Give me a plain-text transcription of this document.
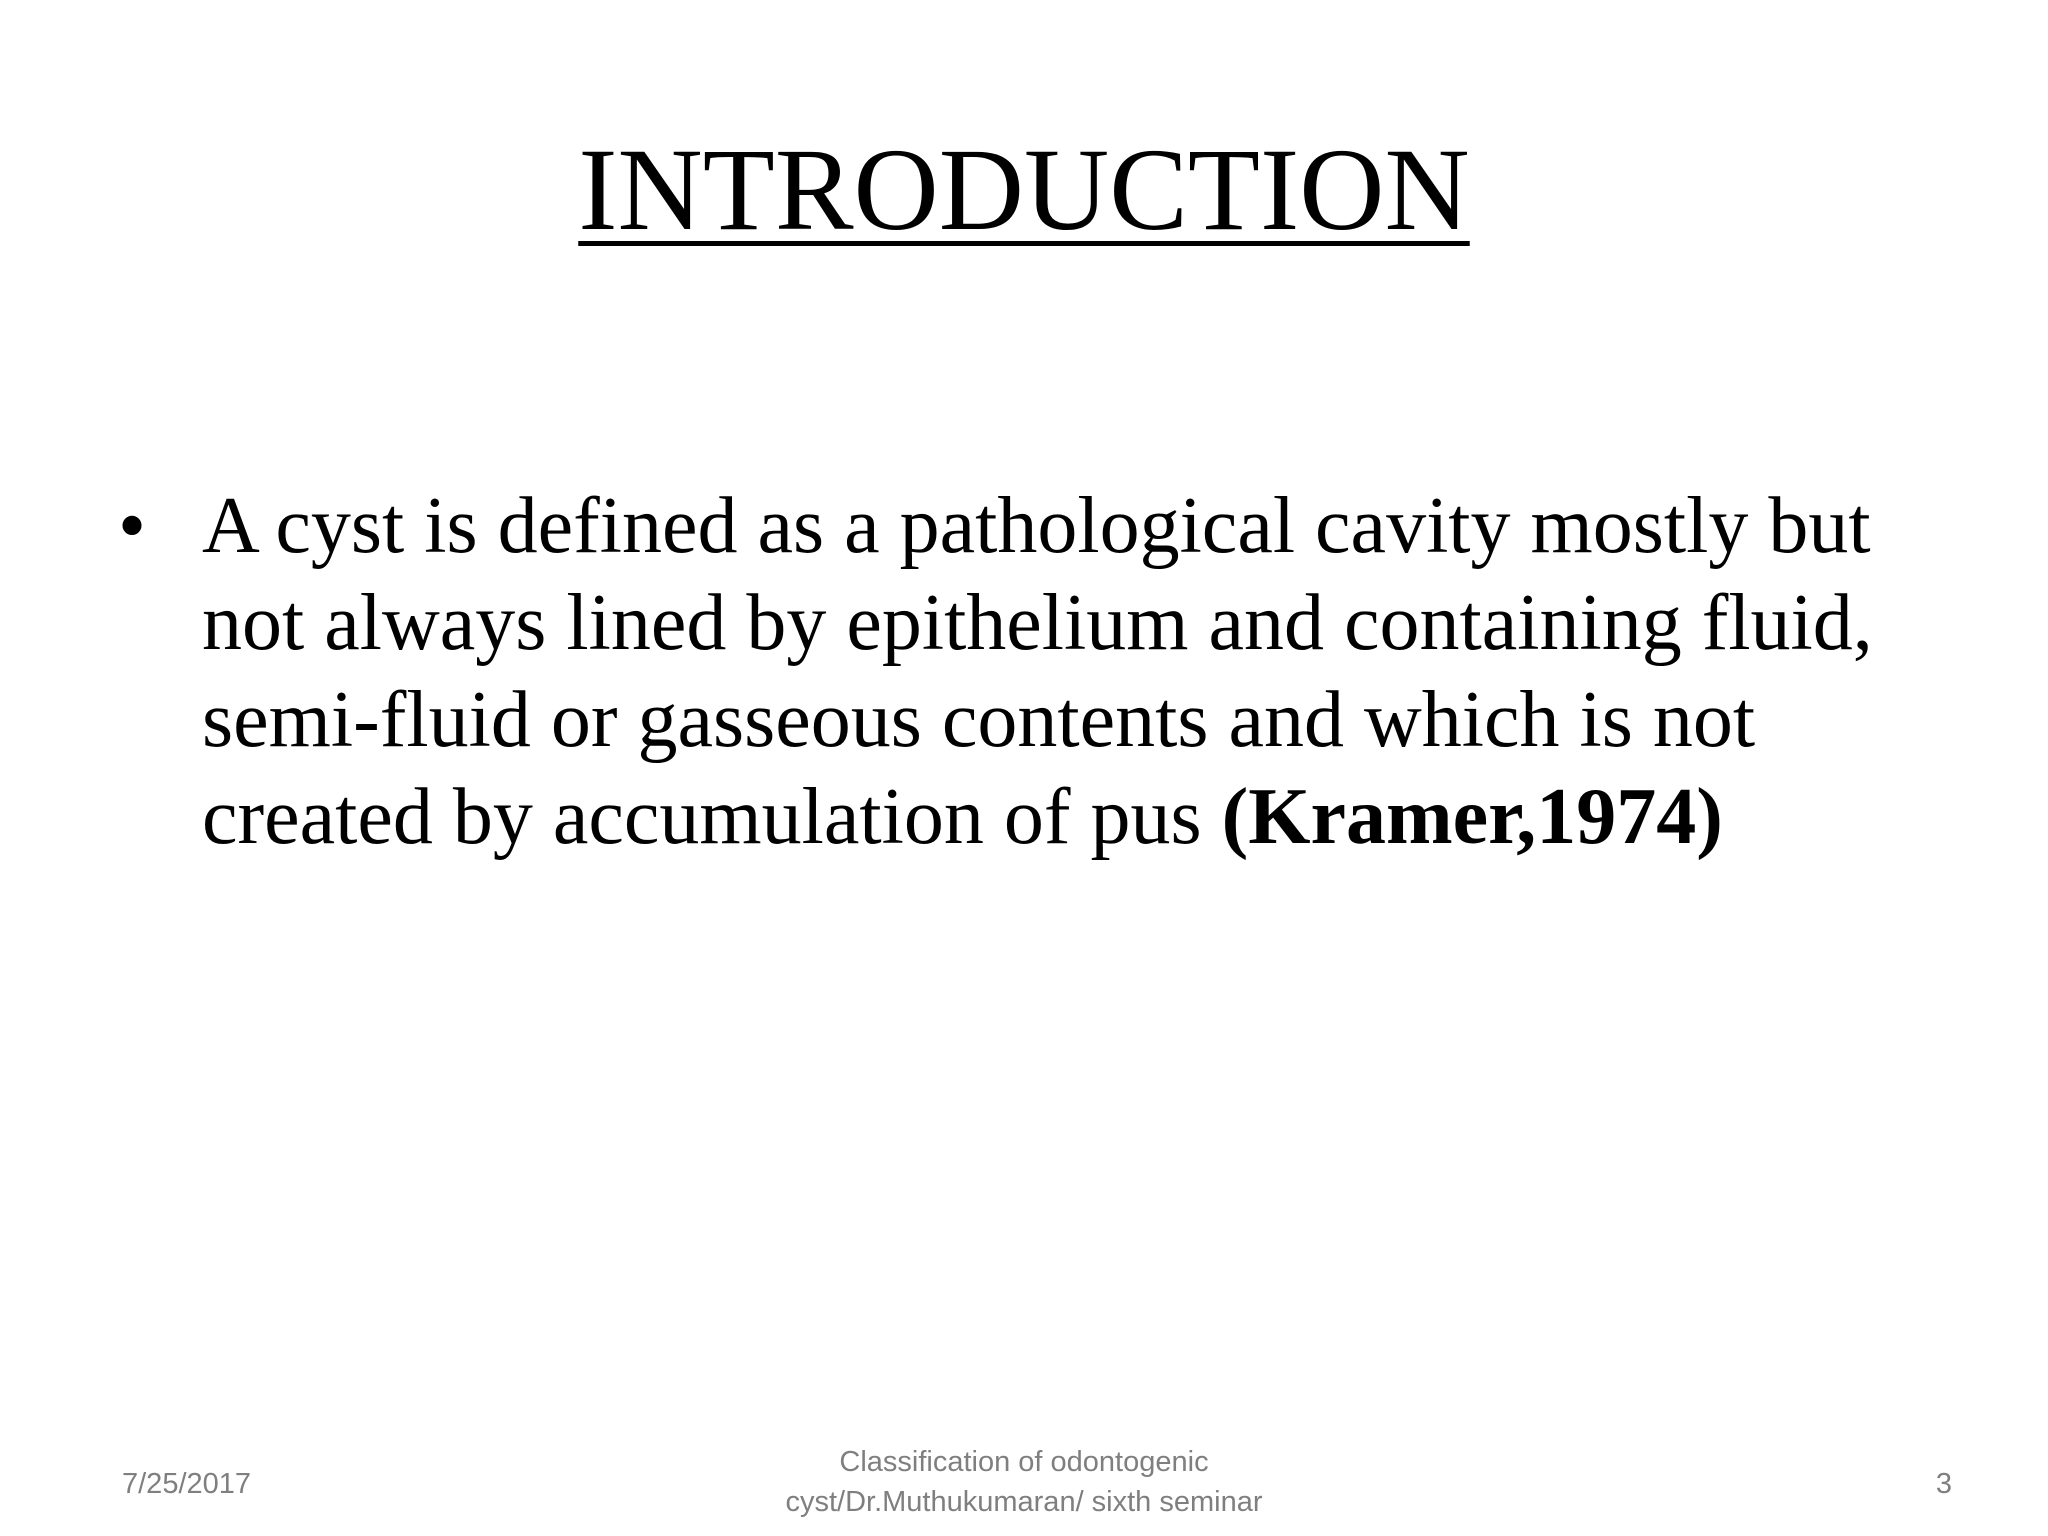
INTRODUCTION
• A cyst is defined as a pathological cavity mostly but not always lined by epithelium and containing fluid, semi-fluid or gasseous contents and which is not created by accumulation of pus (Kramer,1974)
7/25/2017
Classification of odontogenic
cyst/Dr.Muthukumaran/ sixth seminar
3
